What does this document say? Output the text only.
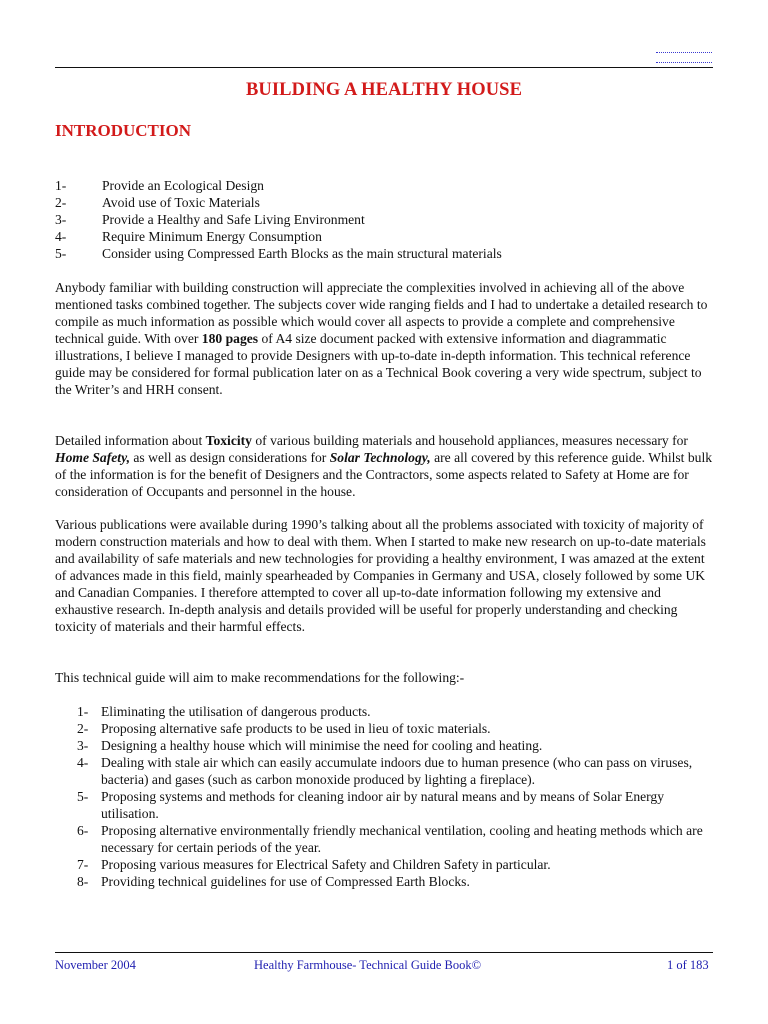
BUILDING A HEALTHY HOUSE
INTRODUCTION
1-	Provide an Ecological Design
2-	Avoid use of Toxic Materials
3-	Provide a Healthy and Safe Living Environment
4-	Require Minimum Energy Consumption
5-	Consider using Compressed Earth Blocks as the main structural materials

Anybody familiar with building construction will appreciate the complexities involved in achieving all of the above mentioned tasks combined together. The subjects cover wide ranging fields and I had to undertake a detailed research to compile as much information as possible which would cover all aspects to provide a complete and comprehensive technical guide. With over 180 pages of A4 size document packed with extensive information and diagrammatic illustrations, I believe I managed to provide Designers with up-to-date in-depth information. This technical reference guide may be considered for formal publication later on as a Technical Book covering a very wide spectrum, subject to the Writer’s and HRH consent.

Detailed information about Toxicity of various building materials and household appliances, measures necessary for Home Safety, as well as design considerations for Solar Technology, are all covered by this reference guide. Whilst bulk of the information is for the benefit of Designers and the Contractors, some aspects related to Safety at Home are for consideration of Occupants and personnel in the house.

Various publications were available during 1990’s talking about all the problems associated with toxicity of majority of modern construction materials and how to deal with them. When I started to make new research on up-to-date materials and availability of safe materials and new technologies for providing a healthy environment, I was amazed at the extent of advances made in this field, mainly spearheaded by Companies in Germany and USA, closely followed by some UK and Canadian Companies. I therefore attempted to cover all up-to-date information following my extensive and exhaustive research. In-depth analysis and details provided will be useful for properly understanding and checking toxicity of materials and their harmful effects.

This technical guide will aim to make recommendations for the following:-

1- Eliminating the utilisation of dangerous products.
2- Proposing alternative safe products to be used in lieu of toxic materials.
3- Designing a healthy house which will minimise the need for cooling and heating.
4- Dealing with stale air which can easily accumulate indoors due to human presence (who can pass on viruses, bacteria) and gases (such as carbon monoxide produced by lighting a fireplace).
5- Proposing systems and methods for cleaning indoor air by natural means and by means of Solar Energy utilisation.
6- Proposing alternative environmentally friendly mechanical ventilation, cooling and heating methods which are necessary for certain periods of the year.
7- Proposing various measures for Electrical Safety and Children Safety in particular.
8- Providing technical guidelines for use of Compressed Earth Blocks.
November 2004	Healthy Farmhouse- Technical Guide Book©	1 of 183
